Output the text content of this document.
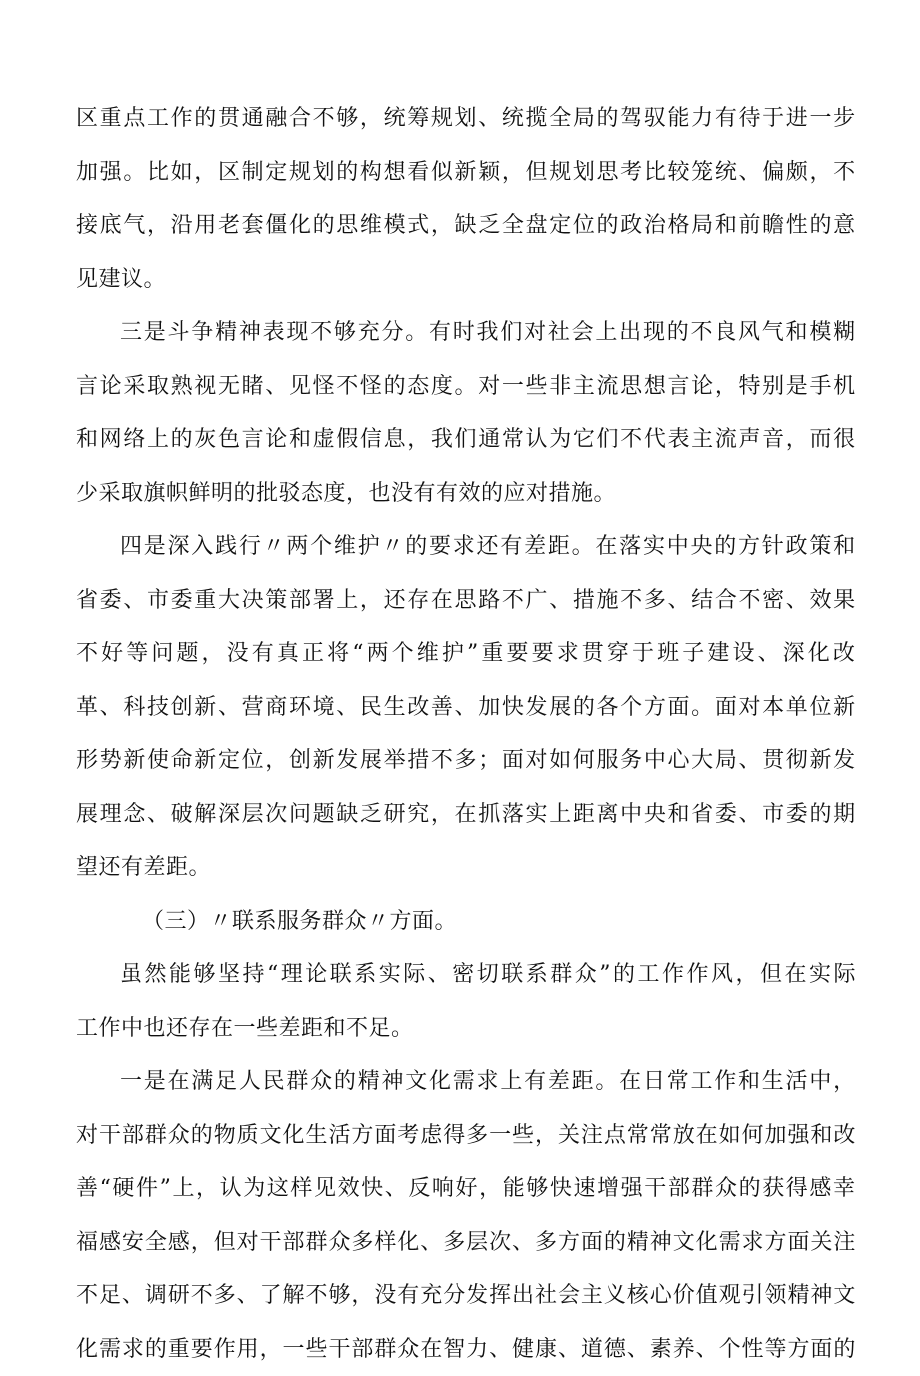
区重点工作的贯通融合不够，统筹规划、统揽全局的驾驭能力有待于进一步
加强。比如，区制定规划的构想看似新颖，但规划思考比较笼统、偏颇，不
接底气，沿用老套僵化的思维模式，缺乏全盘定位的政治格局和前瞻性的意
见建议。
三是斗争精神表现不够充分。有时我们对社会上出现的不良风气和模糊
言论采取熟视无睹、见怪不怪的态度。对一些非主流思想言论，特别是手机
和网络上的灰色言论和虚假信息，我们通常认为它们不代表主流声音，而很
少采取旗帜鲜明的批驳态度，也没有有效的应对措施。
四是深入践行〃两个维护〃的要求还有差距。在落实中央的方针政策和
省委、市委重大决策部署上，还存在思路不广、措施不多、结合不密、效果
不好等问题，没有真正将“两个维护”重要要求贯穿于班子建设、深化改
革、科技创新、营商环境、民生改善、加快发展的各个方面。面对本单位新
形势新使命新定位，创新发展举措不多；面对如何服务中心大局、贯彻新发
展理念、破解深层次问题缺乏研究，在抓落实上距离中央和省委、市委的期
望还有差距。
（三）〃联系服务群众〃方面。
虽然能够坚持“理论联系实际、密切联系群众”的工作作风，但在实际
工作中也还存在一些差距和不足。
一是在满足人民群众的精神文化需求上有差距。在日常工作和生活中，
对干部群众的物质文化生活方面考虑得多一些，关注点常常放在如何加强和改
善“硬件”上，认为这样见效快、反响好，能够快速增强干部群众的获得感幸
福感安全感，但对干部群众多样化、多层次、多方面的精神文化需求方面关注
不足、调研不多、了解不够，没有充分发挥出社会主义核心价值观引领精神文
化需求的重要作用，一些干部群众在智力、健康、道德、素养、个性等方面的
